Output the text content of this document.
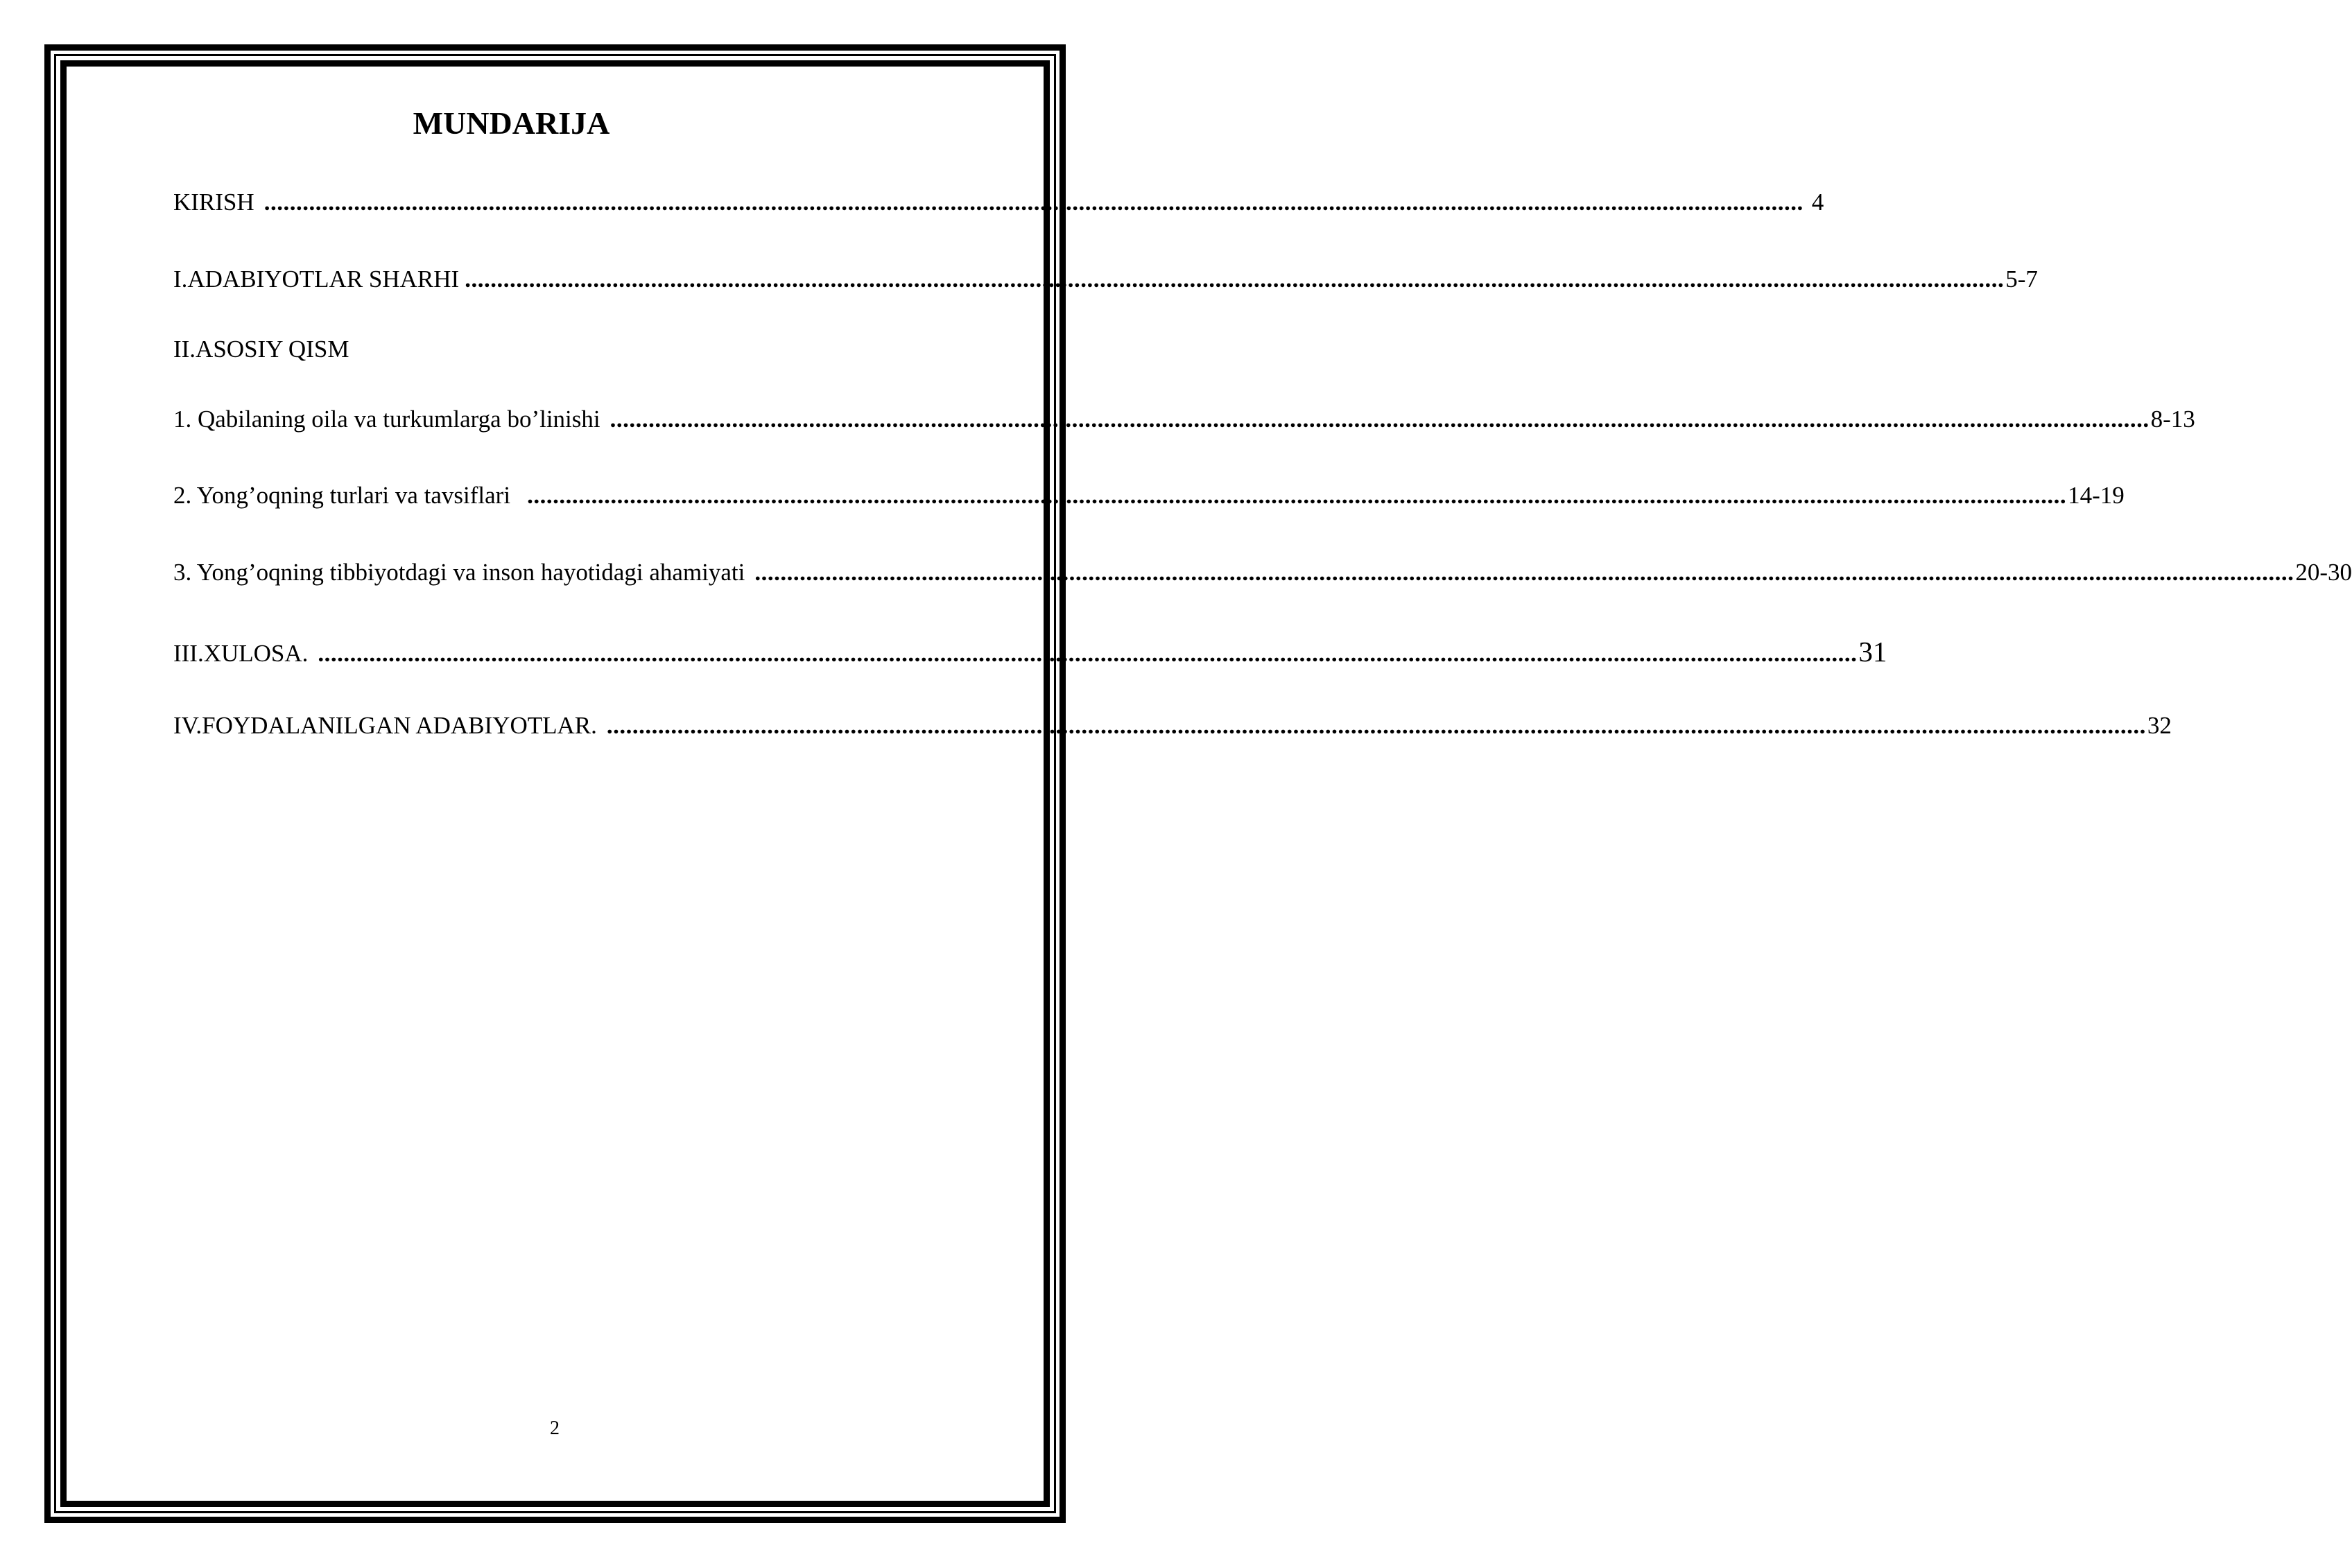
MUNDARIJA
KIRISH ................................................................................................................................................................................................................................................ 4
I.ADABIYOTLAR SHARHI ................................................................................................................................................................................................................................................ 5-7
II.ASOSIY QISM
1. Qabilaning oila va turkumlarga bo’linishi ................................................................................................................................................................................................................................................ 8-13
2. Yong’oqning turlari va tavsiflari ................................................................................................................................................................................................................................................ 14-19
3. Yong’oqning tibbiyotdagi va inson hayotidagi ahamiyati ................................................................................................................................................................................................................................................ 20-30
III.XULOSA. ................................................................................................................................................................................................................................................ 31
IV.FOYDALANILGAN ADABIYOTLAR. ................................................................................................................................................................................................................................................ 32
2
